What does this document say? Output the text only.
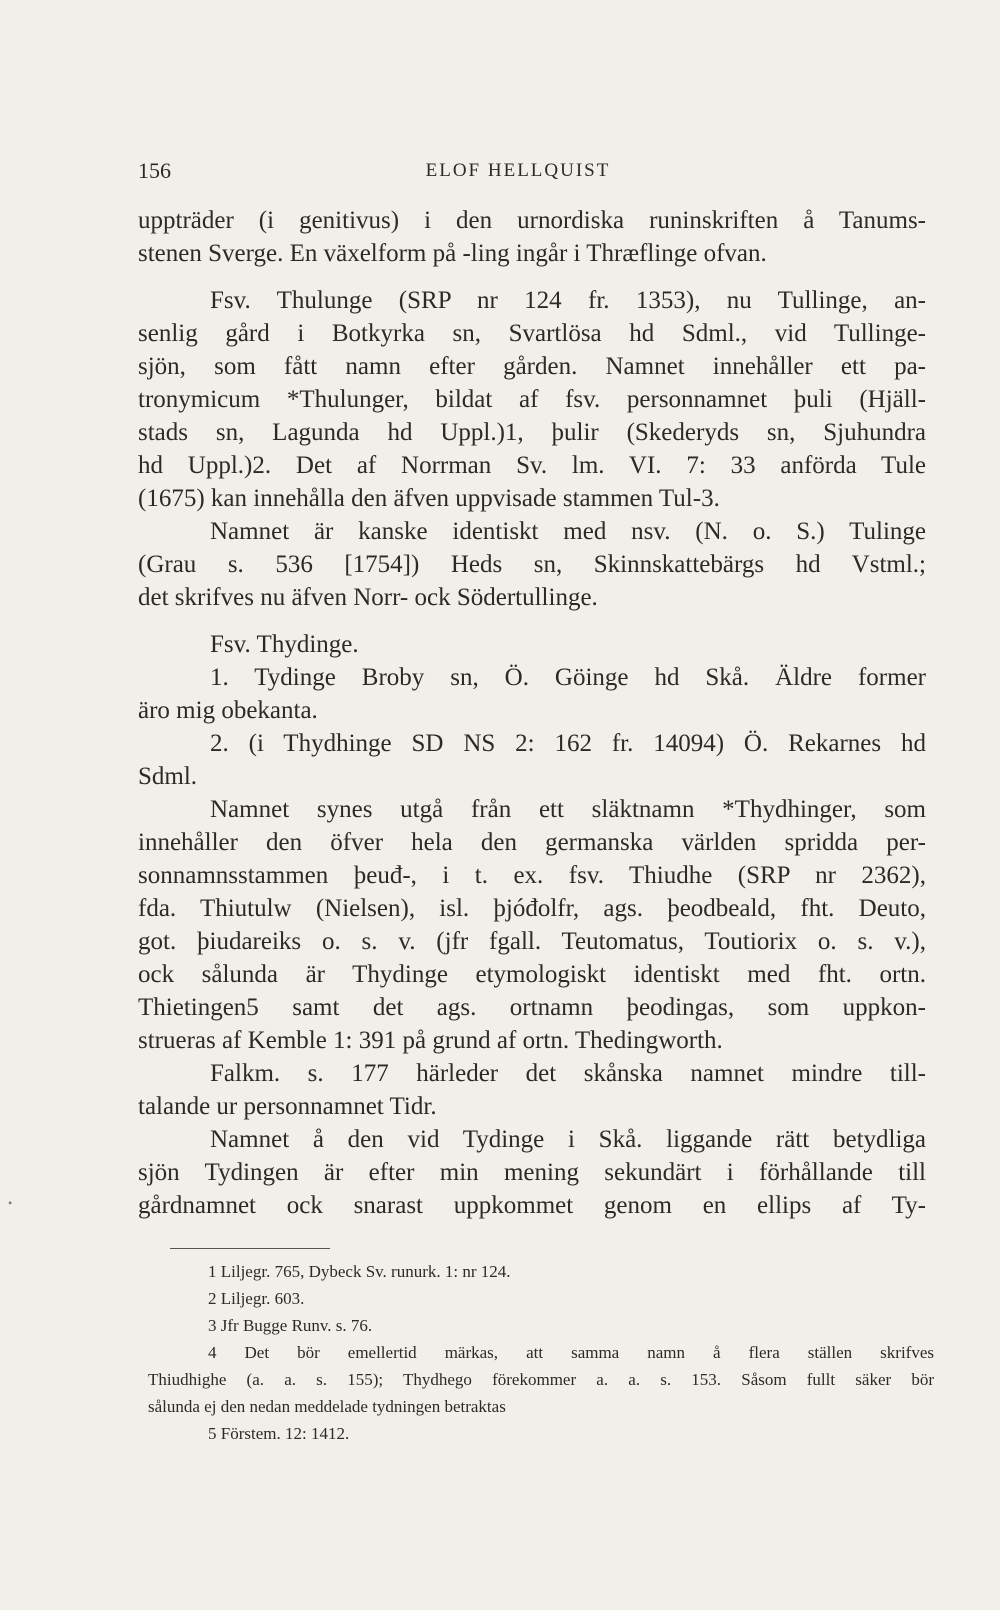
156	ELOF HELLQUIST
uppträder (i genitivus) i den urnordiska runinskriften å Tanums-
stenen Sverge. En växelform på -ling ingår i Thræflinge ofvan.
Fsv. Thulunge (SRP nr 124 fr. 1353), nu Tullinge, an-
senlig gård i Botkyrka sn, Svartlösa hd Sdml., vid Tullinge-
sjön, som fått namn efter gården. Namnet innehåller ett pa-
tronymicum *Thulunger, bildat af fsv. personnamnet þuli (Hjäll-
stads sn, Lagunda hd Uppl.)1, þulir (Skederyds sn, Sjuhundra
hd Uppl.)2. Det af Norrman Sv. lm. VI. 7: 33 anförda Tule
(1675) kan innehålla den äfven uppvisade stammen Tul-3.
Namnet är kanske identiskt med nsv. (N. o. S.) Tulinge
(Grau s. 536 [1754]) Heds sn, Skinnskattebärgs hd Vstml.;
det skrifves nu äfven Norr- ock Södertullinge.
Fsv. Thydinge.
1. Tydinge Broby sn, Ö. Göinge hd Skå. Äldre former
äro mig obekanta.
2. (i Thydhinge SD NS 2: 162 fr. 14094) Ö. Rekarnes hd
Sdml.
Namnet synes utgå från ett släktnamn *Thydhinger, som
innehåller den öfver hela den germanska världen spridda per-
sonnamnsstammen þeuđ-, i t. ex. fsv. Thiudhe (SRP nr 2362),
fda. Thiutulw (Nielsen), isl. þjóđolfr, ags. þeodbeald, fht. Deuto,
got. þiudareiks o. s. v. (jfr fgall. Teutomatus, Toutiorix o. s. v.),
ock sålunda är Thydinge etymologiskt identiskt med fht. ortn.
Thietingen5 samt det ags. ortnamn þeodingas, som uppkon-
strueras af Kemble 1: 391 på grund af ortn. Thedingworth.
Falkm. s. 177 härleder det skånska namnet mindre till-
talande ur personnamnet Tidr.
Namnet å den vid Tydinge i Skå. liggande rätt betydliga
sjön Tydingen är efter min mening sekundärt i förhållande till
gårdnamnet ock snarast uppkommet genom en ellips af Ty-
•
1 Liljegr. 765, Dybeck Sv. runurk. 1: nr 124.
2 Liljegr. 603.
3 Jfr Bugge Runv. s. 76.
4 Det bör emellertid märkas, att samma namn å flera ställen skrifves
Thiudhighe (a. a. s. 155); Thydhego förekommer a. a. s. 153. Såsom fullt säker bör
sålunda ej den nedan meddelade tydningen betraktas
5 Förstem. 12: 1412.
